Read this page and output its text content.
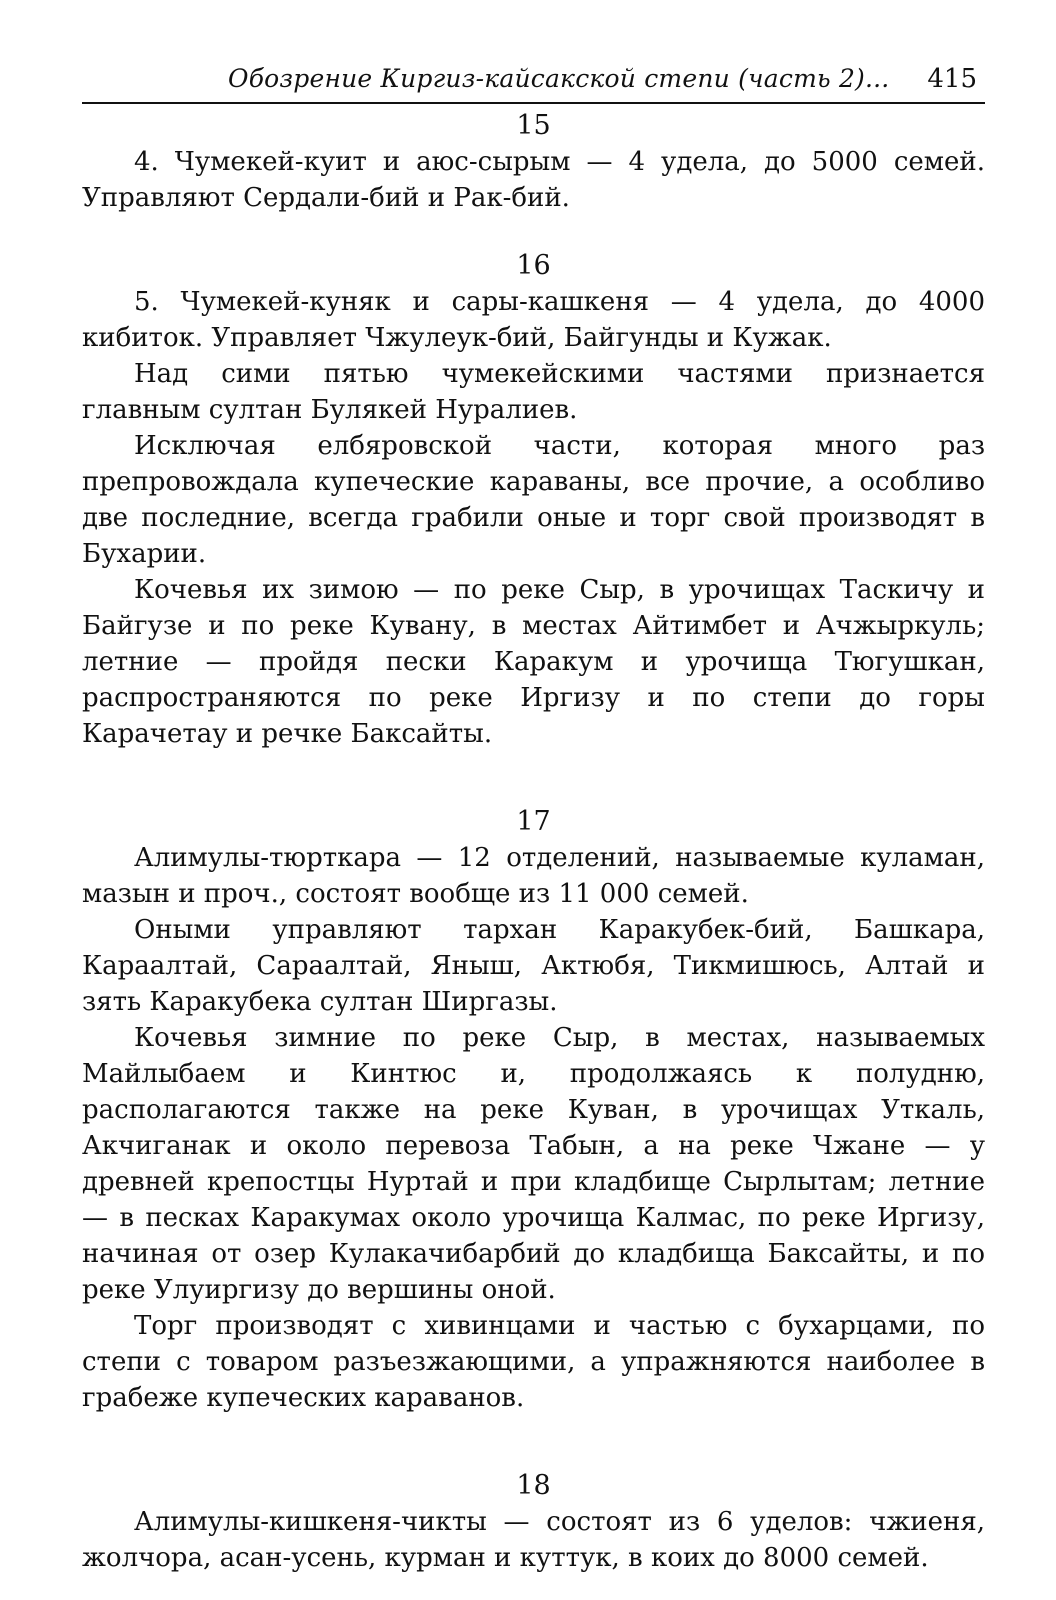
Обозрение Киргиз-кайсакской степи (часть 2)... 415
15

4. Чумекей-куит и аюс-сырым — 4 удела, до 5000 семей. Управляют Сердали-бий и Рак-бий.

16

5. Чумекей-куняк и сары-кашкеня — 4 удела, до 4000 кибиток. Управляет Чжулеук-бий, Байгунды и Кужак.

Над сими пятью чумекейскими частями признается главным султан Булякей Нуралиев.

Исключая елбяровской части, которая много раз препровождала купеческие караваны, все прочие, а особливо две последние, всегда грабили оные и торг свой производят в Бухарии.

Кочевья их зимою — по реке Сыр, в урочищах Таскичу и Байгузе и по реке Кувану, в местах Айтимбет и Ачжыркуль; летние — пройдя пески Каракум и урочища Тюгушкан, распространяются по реке Иргизу и по степи до горы Карачетау и речке Баксайты.

17

Алимулы-тюрткара — 12 отделений, называемые куламан, мазын и проч., состоят вообще из 11 000 семей.

Оными управляют тархан Каракубек-бий, Башкара, Караалтай, Сараалтай, Яныш, Актюбя, Тикмишюсь, Алтай и зять Каракубека султан Ширгазы.

Кочевья зимние по реке Сыр, в местах, называемых Майлыбаем и Кинтюс и, продолжаясь к полудню, располагаются также на реке Куван, в урочищах Уткаль, Акчиганак и около перевоза Табын, а на реке Чжане — у древней крепостцы Нуртай и при кладбище Сырлытам; летние — в песках Каракумах около урочища Калмас, по реке Иргизу, начиная от озер Кулакачибарбий до кладбища Баксайты, и по реке Улуиргизу до вершины оной.

Торг производят с хивинцами и частью с бухарцами, по степи с товаром разъезжающими, а упражняются наиболее в грабеже купеческих караванов.

18

Алимулы-кишкеня-чикты — состоят из 6 уделов: чжиеня, жолчора, асан-усень, курман и куттук, в коих до 8000 семей.
